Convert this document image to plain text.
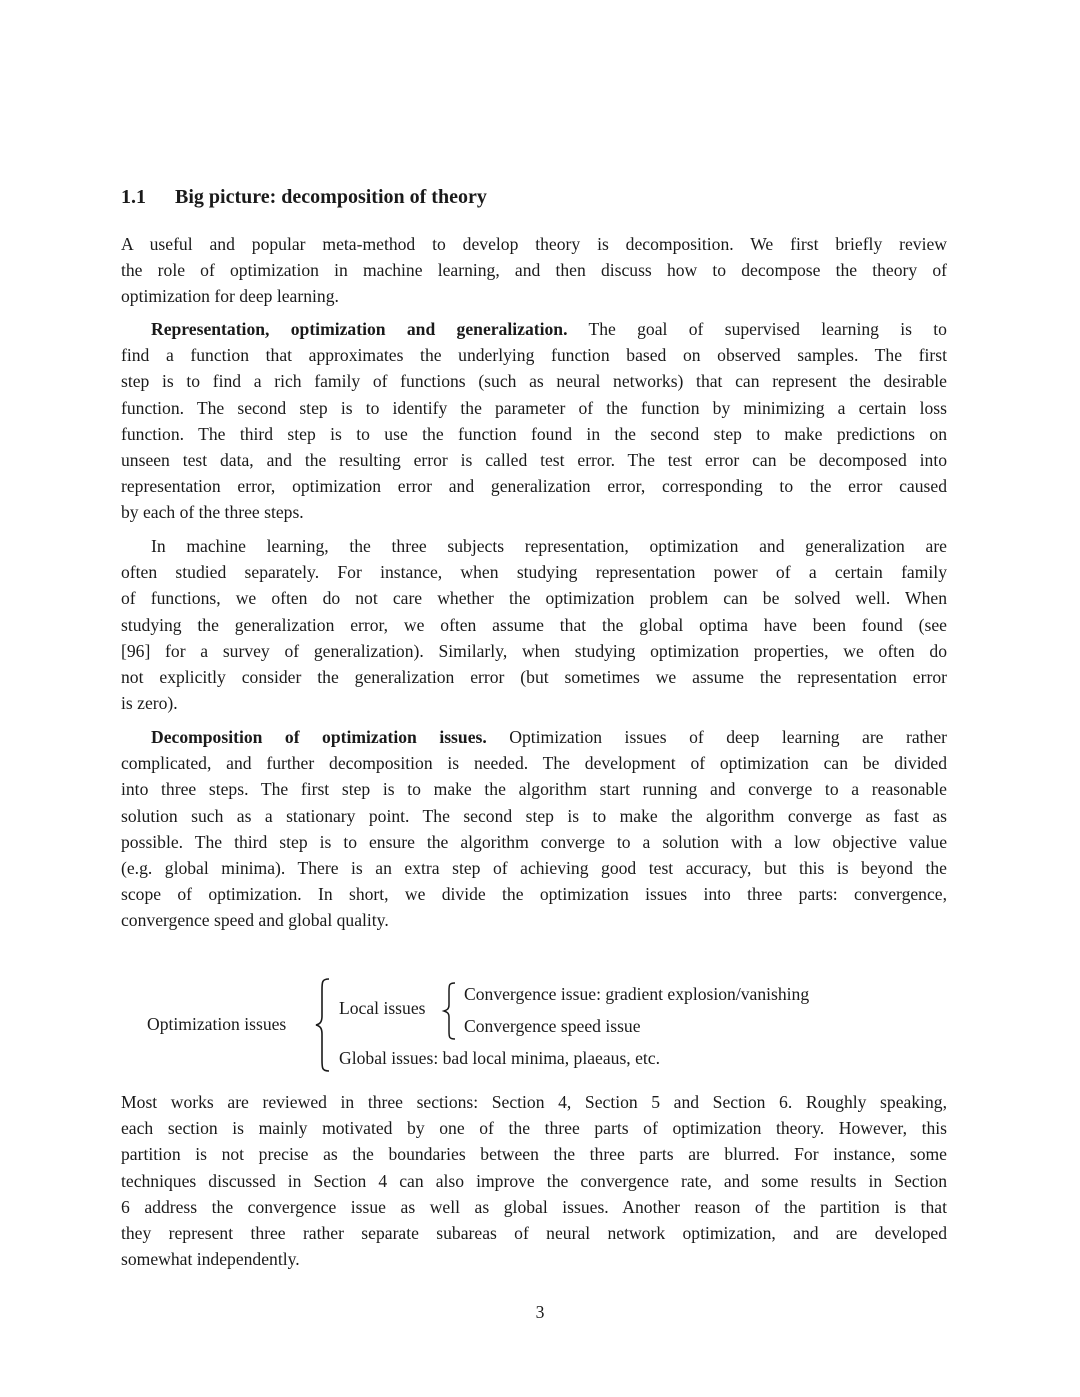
1.1 Big picture: decomposition of theory
A useful and popular meta-method to develop theory is decomposition. We first briefly review
the role of optimization in machine learning, and then discuss how to decompose the theory of
optimization for deep learning.
Representation, optimization and generalization. The goal of supervised learning is to
find a function that approximates the underlying function based on observed samples. The first
step is to find a rich family of functions (such as neural networks) that can represent the desirable
function. The second step is to identify the parameter of the function by minimizing a certain loss
function. The third step is to use the function found in the second step to make predictions on
unseen test data, and the resulting error is called test error. The test error can be decomposed into
representation error, optimization error and generalization error, corresponding to the error caused
by each of the three steps.
In machine learning, the three subjects representation, optimization and generalization are
often studied separately. For instance, when studying representation power of a certain family
of functions, we often do not care whether the optimization problem can be solved well. When
studying the generalization error, we often assume that the global optima have been found (see
[96] for a survey of generalization). Similarly, when studying optimization properties, we often do
not explicitly consider the generalization error (but sometimes we assume the representation error
is zero).
Decomposition of optimization issues. Optimization issues of deep learning are rather
complicated, and further decomposition is needed. The development of optimization can be divided
into three steps. The first step is to make the algorithm start running and converge to a reasonable
solution such as a stationary point. The second step is to make the algorithm converge as fast as
possible. The third step is to ensure the algorithm converge to a solution with a low objective value
(e.g. global minima). There is an extra step of achieving good test accuracy, but this is beyond the
scope of optimization. In short, we divide the optimization issues into three parts: convergence,
convergence speed and global quality.
Optimization issues
Local issues
Convergence issue: gradient explosion/vanishing
Convergence speed issue
Global issues: bad local minima, plaeaus, etc.
Most works are reviewed in three sections: Section 4, Section 5 and Section 6. Roughly speaking,
each section is mainly motivated by one of the three parts of optimization theory. However, this
partition is not precise as the boundaries between the three parts are blurred. For instance, some
techniques discussed in Section 4 can also improve the convergence rate, and some results in Section
6 address the convergence issue as well as global issues. Another reason of the partition is that
they represent three rather separate subareas of neural network optimization, and are developed
somewhat independently.
3
